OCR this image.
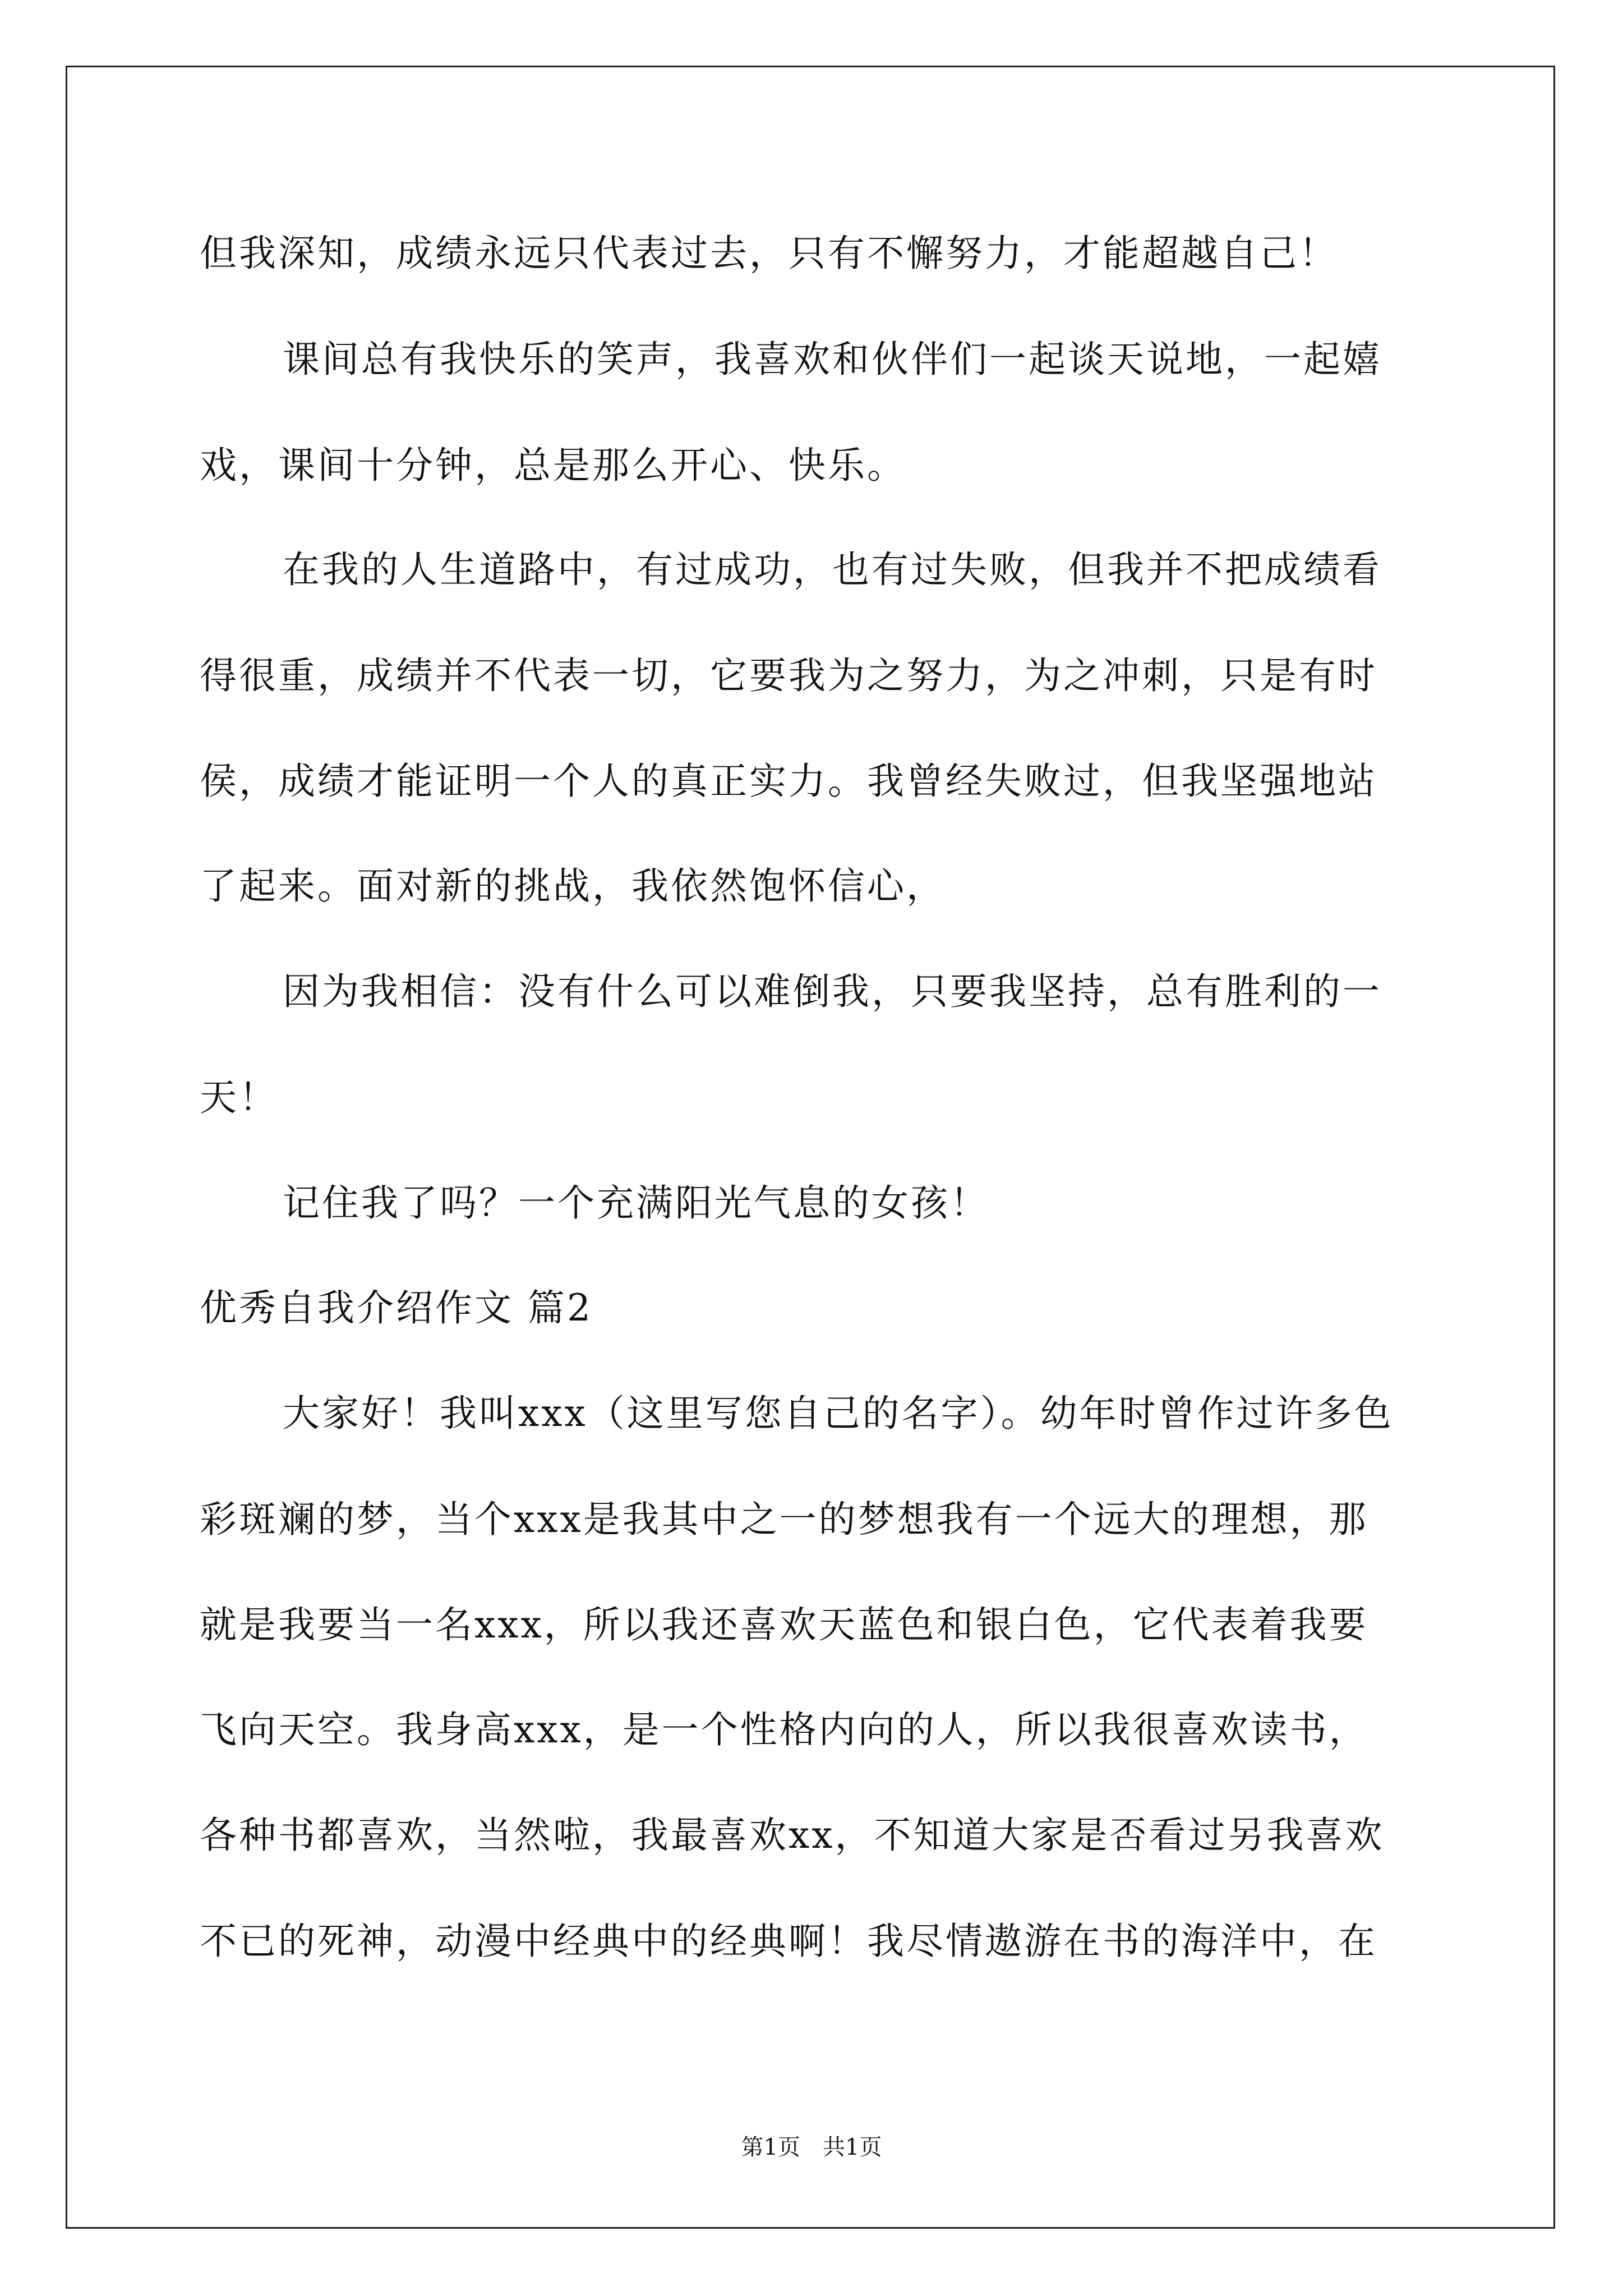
但我深知，成绩永远只代表过去，只有不懈努力，才能超越自己！
课间总有我快乐的笑声，我喜欢和伙伴们一起谈天说地，一起嬉
戏，课间十分钟，总是那么开心、快乐。
在我的人生道路中，有过成功，也有过失败，但我并不把成绩看
得很重，成绩并不代表一切，它要我为之努力，为之冲刺，只是有时
侯，成绩才能证明一个人的真正实力。我曾经失败过，但我坚强地站
了起来。面对新的挑战，我依然饱怀信心，
因为我相信：没有什么可以难倒我，只要我坚持，总有胜利的一
天！
记住我了吗？一个充满阳光气息的女孩！
优秀自我介绍作文 篇2
大家好！我叫xxx（这里写您自己的名字）。幼年时曾作过许多色
彩斑斓的梦，当个xxx是我其中之一的梦想我有一个远大的理想，那
就是我要当一名xxx，所以我还喜欢天蓝色和银白色，它代表着我要
飞向天空。我身高xxx，是一个性格内向的人，所以我很喜欢读书，
各种书都喜欢，当然啦，我最喜欢xx，不知道大家是否看过另我喜欢
不已的死神，动漫中经典中的经典啊！我尽情遨游在书的海洋中，在
第1页　共1页
